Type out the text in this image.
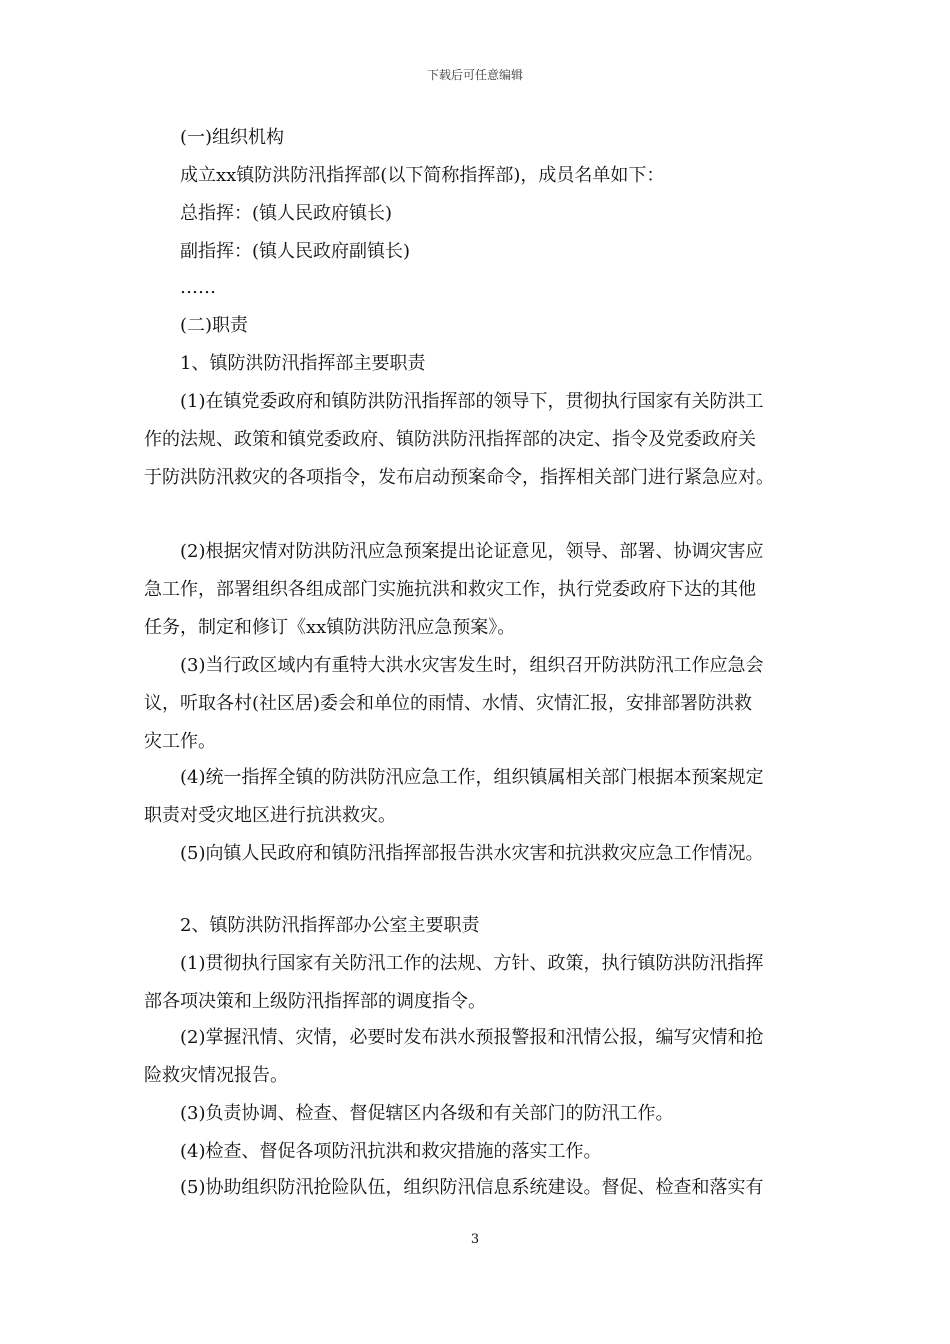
下载后可任意编辑
(一)组织机构
成立xx镇防洪防汛指挥部(以下简称指挥部)，成员名单如下：
总指挥：(镇人民政府镇长)
副指挥：(镇人民政府副镇长)
……
(二)职责
1、镇防洪防汛指挥部主要职责
(1)在镇党委政府和镇防洪防汛指挥部的领导下，贯彻执行国家有关防洪工
作的法规、政策和镇党委政府、镇防洪防汛指挥部的决定、指令及党委政府关
于防洪防汛救灾的各项指令，发布启动预案命令，指挥相关部门进行紧急应对。
(2)根据灾情对防洪防汛应急预案提出论证意见，领导、部署、协调灾害应
急工作，部署组织各组成部门实施抗洪和救灾工作，执行党委政府下达的其他
任务，制定和修订《xx镇防洪防汛应急预案》。
(3)当行政区域内有重特大洪水灾害发生时，组织召开防洪防汛工作应急会
议，听取各村(社区居)委会和单位的雨情、水情、灾情汇报，安排部署防洪救
灾工作。
(4)统一指挥全镇的防洪防汛应急工作，组织镇属相关部门根据本预案规定
职责对受灾地区进行抗洪救灾。
(5)向镇人民政府和镇防汛指挥部报告洪水灾害和抗洪救灾应急工作情况。
2、镇防洪防汛指挥部办公室主要职责
(1)贯彻执行国家有关防汛工作的法规、方针、政策，执行镇防洪防汛指挥
部各项决策和上级防汛指挥部的调度指令。
(2)掌握汛情、灾情，必要时发布洪水预报警报和汛情公报，编写灾情和抢
险救灾情况报告。
(3)负责协调、检查、督促辖区内各级和有关部门的防汛工作。
(4)检查、督促各项防汛抗洪和救灾措施的落实工作。
(5)协助组织防汛抢险队伍，组织防汛信息系统建设。督促、检查和落实有
3
